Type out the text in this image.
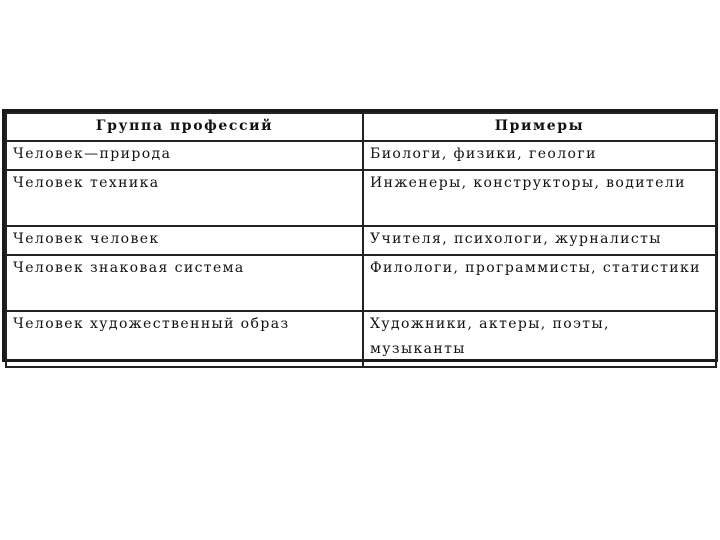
Группа профессий	Примеры

Человек—природа	Биологи, физики, геологи

Человек техника	Инженеры, конструкторы, водители

Человек человек	Учителя, психологи, журналисты

Человек знаковая система	Филологи, программисты, статистики

Человек художественный образ	Художники, актеры, поэты, музыканты
